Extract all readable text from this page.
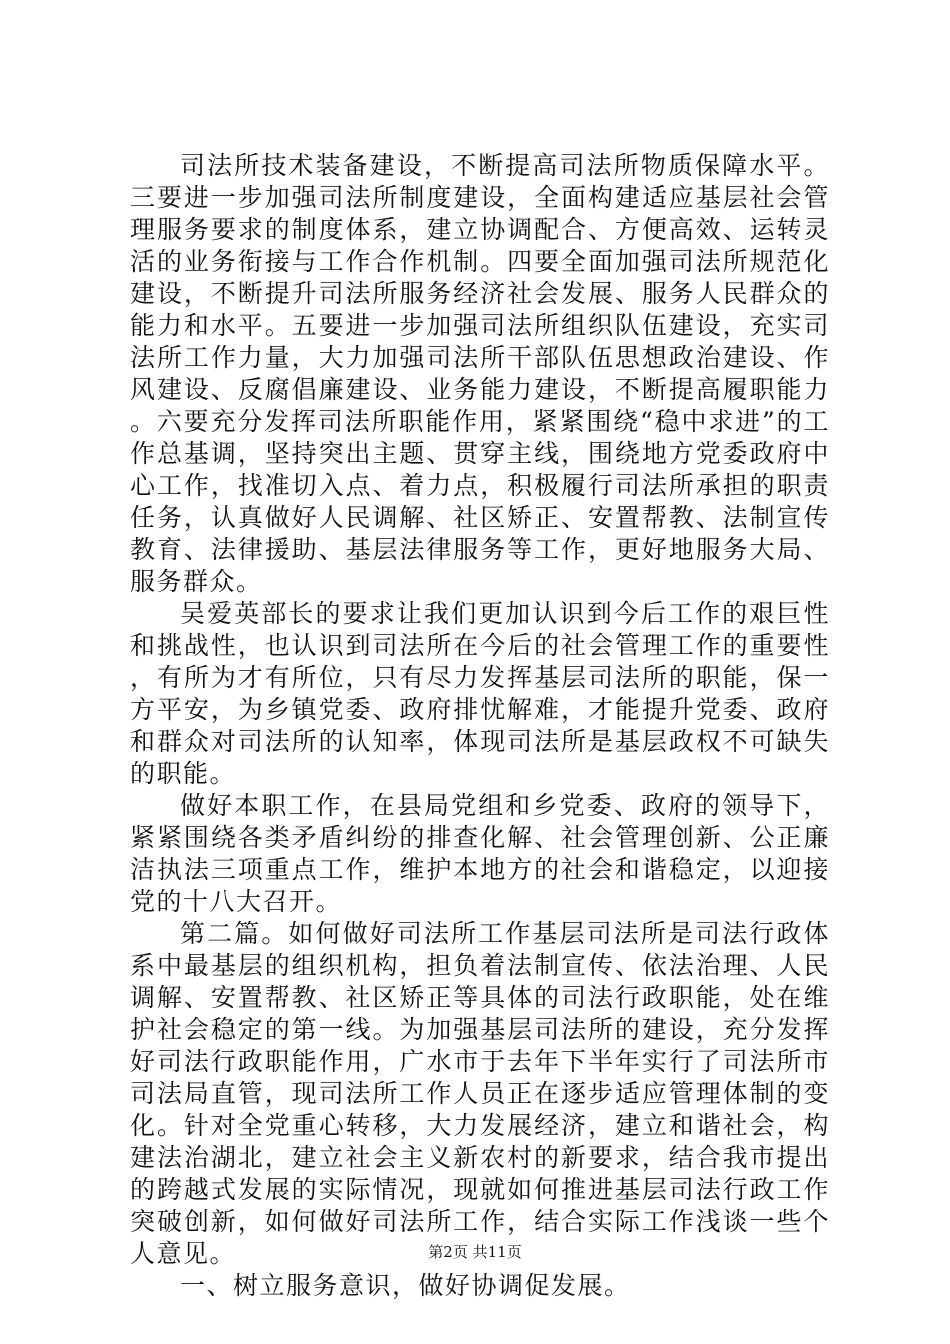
司法所技术装备建设，不断提高司法所物质保障水平。三要进一步加强司法所制度建设，全面构建适应基层社会管理服务要求的制度体系，建立协调配合、方便高效、运转灵活的业务衔接与工作合作机制。四要全面加强司法所规范化建设，不断提升司法所服务经济社会发展、服务人民群众的能力和水平。五要进一步加强司法所组织队伍建设，充实司法所工作力量，大力加强司法所干部队伍思想政治建设、作风建设、反腐倡廉建设、业务能力建设，不断提高履职能力。六要充分发挥司法所职能作用，紧紧围绕“稳中求进”的工作总基调，坚持突出主题、贯穿主线，围绕地方党委政府中心工作，找准切入点、着力点，积极履行司法所承担的职责任务，认真做好人民调解、社区矫正、安置帮教、法制宣传教育、法律援助、基层法律服务等工作，更好地服务大局、服务群众。

吴爱英部长的要求让我们更加认识到今后工作的艰巨性和挑战性，也认识到司法所在今后的社会管理工作的重要性，有所为才有所位，只有尽力发挥基层司法所的职能，保一方平安，为乡镇党委、政府排忧解难，才能提升党委、政府和群众对司法所的认知率，体现司法所是基层政权不可缺失的职能。

做好本职工作，在县局党组和乡党委、政府的领导下，紧紧围绕各类矛盾纠纷的排查化解、社会管理创新、公正廉洁执法三项重点工作，维护本地方的社会和谐稳定，以迎接党的十八大召开。

第二篇。如何做好司法所工作基层司法所是司法行政体系中最基层的组织机构，担负着法制宣传、依法治理、人民调解、安置帮教、社区矫正等具体的司法行政职能，处在维护社会稳定的第一线。为加强基层司法所的建设，充分发挥好司法行政职能作用，广水市于去年下半年实行了司法所市司法局直管，现司法所工作人员正在逐步适应管理体制的变化。针对全党重心转移，大力发展经济，建立和谐社会，构建法治湖北，建立社会主义新农村的新要求，结合我市提出的跨越式发展的实际情况，现就如何推进基层司法行政工作突破创新，如何做好司法所工作，结合实际工作浅谈一些个人意见。

一、树立服务意识，做好协调促发展。

第2页 共11页
